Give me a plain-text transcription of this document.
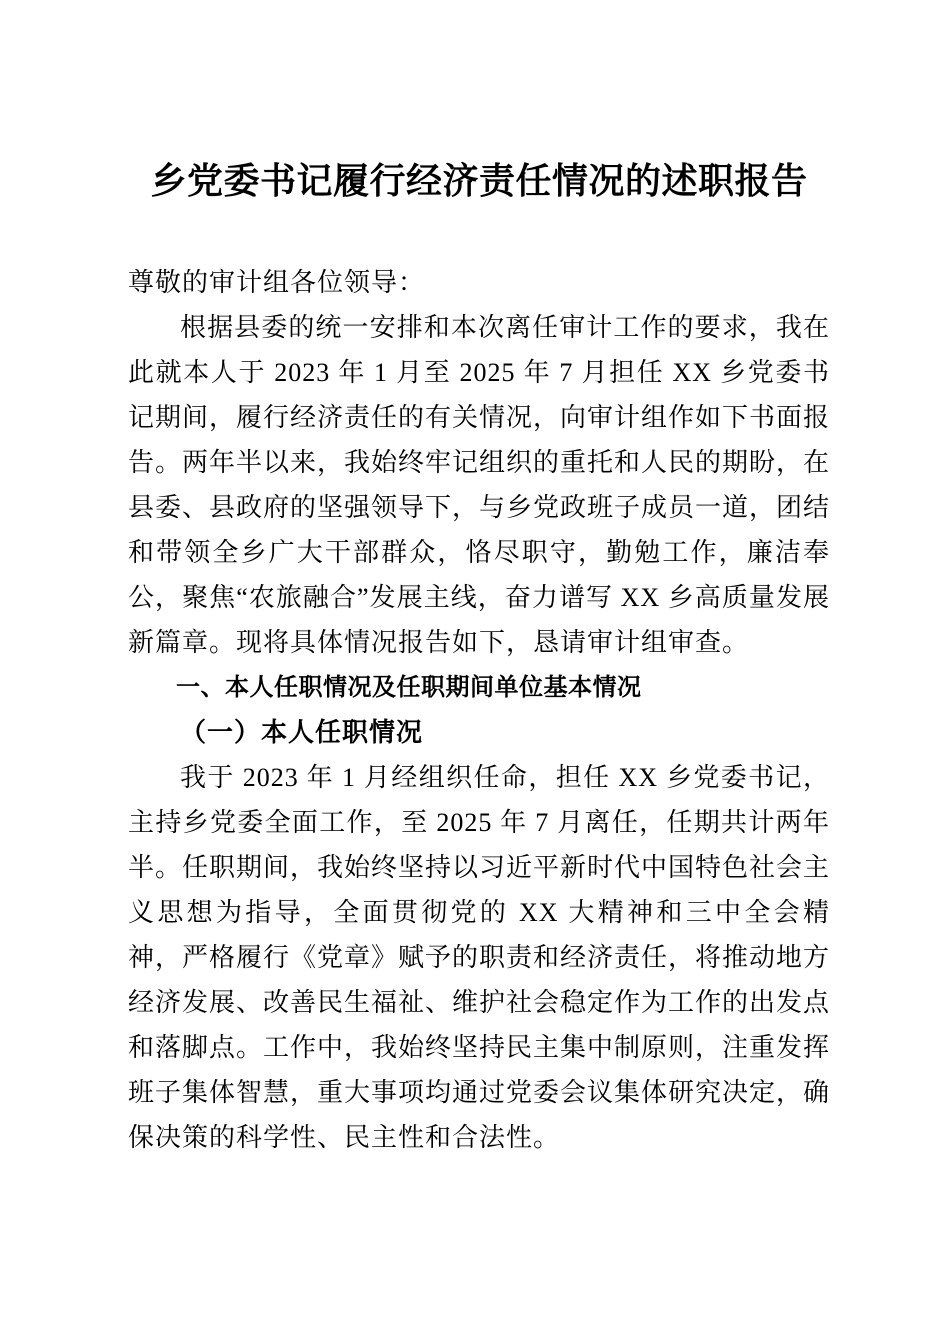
乡党委书记履行经济责任情况的述职报告

尊敬的审计组各位领导：

根据县委的统一安排和本次离任审计工作的要求，我在此就本人于 2023 年 1 月至 2025 年 7 月担任 XX 乡党委书记期间，履行经济责任的有关情况，向审计组作如下书面报告。两年半以来，我始终牢记组织的重托和人民的期盼，在县委、县政府的坚强领导下，与乡党政班子成员一道，团结和带领全乡广大干部群众，恪尽职守，勤勉工作，廉洁奉公，聚焦“农旅融合”发展主线，奋力谱写 XX 乡高质量发展新篇章。现将具体情况报告如下，恳请审计组审查。

一、本人任职情况及任职期间单位基本情况
（一）本人任职情况

我于 2023 年 1 月经组织任命，担任 XX 乡党委书记，主持乡党委全面工作，至 2025 年 7 月离任，任期共计两年半。任职期间，我始终坚持以习近平新时代中国特色社会主义思想为指导，全面贯彻党的 XX 大精神和三中全会精神，严格履行《党章》赋予的职责和经济责任，将推动地方经济发展、改善民生福祉、维护社会稳定作为工作的出发点和落脚点。工作中，我始终坚持民主集中制原则，注重发挥班子集体智慧，重大事项均通过党委会议集体研究决定，确保决策的科学性、民主性和合法性。
